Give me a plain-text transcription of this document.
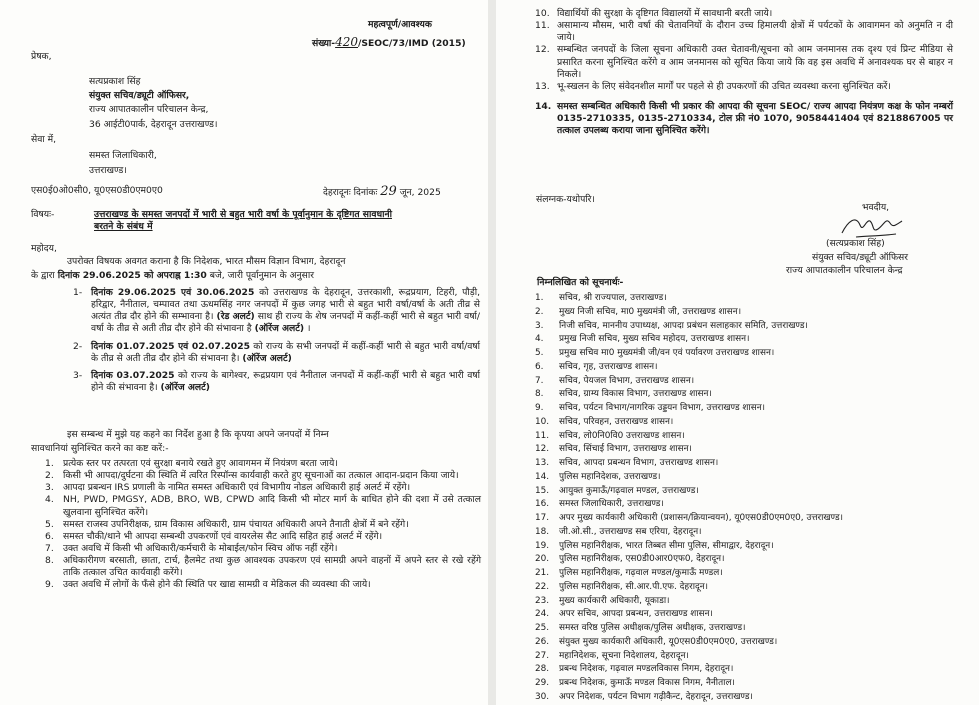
महत्वपूर्ण/आवश्यक
संख्या-420/SEOC/73/IMD (2015)
प्रेषक,
सत्यप्रकाश सिंह
संयुक्त सचिव/ड्यूटी ऑफिसर,
राज्य आपातकालीन परिचालन केन्द्र,
36 आईटी0पार्क, देहरादून उत्तराखण्ड।
सेवा में,
समस्त जिलाधिकारी,
उत्तराखण्ड।
एस0ई0ओ0सी0, यू0एस0डी0एम0ए0	देहरादूनः दिनांकः 29 जून, 2025
विषयः-	उत्तराखण्ड के समस्त जनपदों में भारी से बहुत भारी वर्षा के पूर्वानुमान के दृष्टिगत सावधानी
बरतने के संबंध में
महोदय,
उपरोक्त विषयक अवगत कराना है कि निदेशक, भारत मौसम विज्ञान विभाग, देहरादून
के द्वारा दिनांक 29.06.2025 को अपराह्न 1:30 बजे, जारी पूर्वानुमान के अनुसार
1- दिनांक 29.06.2025 एवं 30.06.2025 को उत्तराखण्ड के देहरादून, उत्तरकाशी, रूद्रप्रयाग, टिहरी, पौड़ी, हरिद्वार, नैनीताल, चम्पावत तथा ऊधमसिंह नगर जनपदों में कुछ जगह भारी से बहुत भारी वर्षा/वर्षा के अती तीव्र से अत्यंत तीव्र दौर होने की सम्भावना है। (रेड अलर्ट) साथ ही राज्य के शेष जनपदों में कहीं-कहीं भारी से बहुत भारी वर्षा/वर्षा के तीव्र से अती तीव्र दौर होने की संभावना है (ऑरेंज अलर्ट) ।
2- दिनांक 01.07.2025 एवं 02.07.2025 को राज्य के सभी जनपदों में कहीं-कहीं भारी से बहुत भारी वर्षा/वर्षा के तीव्र से अती तीव्र दौर होने की संभावना है। (ऑरेंज अलर्ट)
3- दिनांक 03.07.2025 को राज्य के बागेश्वर, रूद्रप्रयाग एवं नैनीताल जनपदों में कहीं-कहीं भारी से बहुत भारी वर्षा होने की संभावना है। (ऑरेंज अलर्ट)
इस सम्बन्ध में मुझे यह कहने का निर्देश हुआ है कि कृपया अपने जनपदों में निम्न
सावधानियां सुनिश्चित करने का कष्ट करें:-
1. प्रत्येक स्तर पर तत्परता एवं सुरक्षा बनाये रखते हुए आवागमन में नियंत्रण बरता जाये।
2. किसी भी आपदा/दुर्घटना की स्थिति में त्वरित रिस्पॉन्स कार्यवाही करते हुए सूचनाओं का तत्काल आदान-प्रदान किया जाये।
3. आपदा प्रबन्धन IRS प्रणाली के नामित समस्त अधिकारी एवं विभागीय नोडल अधिकारी हाई अलर्ट में रहेंगे।
4. NH, PWD, PMGSY, ADB, BRO, WB, CPWD आदि किसी भी मोटर मार्ग के बाधित होने की दशा में उसे तत्काल खुलवाना सुनिश्चित करेंगे।
5. समस्त राजस्व उपनिरीक्षक, ग्राम विकास अधिकारी, ग्राम पंचायत अधिकारी अपने तैनाती क्षेत्रों में बने रहेंगे।
6. समस्त चौकी/थाने भी आपदा सम्बन्धी उपकरणों एवं वायरलेस सैट आदि सहित हाई अलर्ट में रहेंगे।
7. उक्त अवधि में किसी भी अधिकारी/कर्मचारी के मोबाईल/फोन स्विच ऑफ नहीं रहेंगे।
8. अधिकारीगण बरसाती, छाता, टार्च, हैलमेट तथा कुछ आवश्यक उपकरण एवं सामग्री अपने वाहनों में अपने स्तर से रखे रहेंगे ताकि तत्काल उचित कार्यवाही करेंगे।
9. उक्त अवधि में लोगों के फँसे होने की स्थिति पर खाद्य सामग्री व मेडिकल की व्यवस्था की जाये।
10. विद्यार्थियों की सुरक्षा के दृष्टिगत विद्यालयों में सावधानी बरती जाये।
11. असामान्य मौसम, भारी वर्षा की चेतावनियों के दौरान उच्च हिमालयी क्षेत्रों में पर्यटकों के आवागमन को अनुमति न दी जाये।
12. सम्बन्धित जनपदों के जिला सूचना अधिकारी उक्त चेतावनी/सूचना को आम जनमानस तक दृश्य एवं प्रिन्ट मीडिया से प्रसारित करना सुनिश्चित करेंगे व आम जनमानस को सूचित किया जाये कि वह इस अवधि में अनावश्यक घर से बाहर न निकले।
13. भू-स्खलन के लिए संवेदनशील मार्गों पर पहले से ही उपकरणों की उचित व्यवस्था करना सुनिश्चित करें।
14. समस्त सम्बन्धित अधिकारी किसी भी प्रकार की आपदा की सूचना SEOC/ राज्य आपदा नियंत्रण कक्ष के फोन नम्बरों 0135-2710335, 0135-2710334, टोल फ्री नं0 1070, 9058441404 एवं 8218867005 पर तत्काल उपलब्ध कराया जाना सुनिश्चित करेंगे।
संलग्नक-यथोपरि।
भवदीय,
(सत्यप्रकाश सिंह)
संयुक्त सचिव/ड्यूटी ऑफिसर
राज्य आपातकालीन परिचालन केन्द्र
निम्नलिखित को सूचनार्थः-
1. सचिव, श्री राज्यपाल, उत्तराखण्ड।
2. मुख्य निजी सचिव, मा0 मुख्यमंत्री जी, उत्तराखण्ड शासन।
3. निजी सचिव, माननीय उपाध्यक्ष, आपदा प्रबंधन सलाहकार समिति, उत्तराखण्ड।
4. प्रमुख निजी सचिव, मुख्य सचिव महोदय, उत्तराखण्ड शासन।
5. प्रमुख सचिव मा0 मुख्यमंत्री जी/वन एवं पर्यावरण उत्तराखण्ड शासन।
6. सचिव, गृह, उत्तराखण्ड शासन।
7. सचिव, पेयजल विभाग, उत्तराखण्ड शासन।
8. सचिव, ग्राम्य विकास विभाग, उत्तराखण्ड शासन।
9. सचिव, पर्यटन विभाग/नागरिक उड्डयन विभाग, उत्तराखण्ड शासन।
10. सचिव, परिवहन, उत्तराखण्ड शासन।
11. सचिव, लो0नि0वि0 उत्तराखण्ड शासन।
12. सचिव, सिंचाई विभाग, उत्तराखण्ड शासन।
13. सचिव, आपदा प्रबन्धन विभाग, उत्तराखण्ड शासन।
14. पुलिस महानिदेशक, उत्तराखण्ड।
15. आयुक्त कुमाऊँ/गढ़वाल मण्डल, उत्तराखण्ड।
16. समस्त जिलाधिकारी, उत्तराखण्ड।
17. अपर मुख्य कार्यकारी अधिकारी (प्रशासन/क्रियान्वयन), यू0एस0डी0एम0ए0, उत्तराखण्ड।
18. जी.ओ.सी., उत्तराखण्ड सब एरिया, देहरादून।
19. पुलिस महानिरीक्षक, भारत तिब्बत सीमा पुलिस, सीमाद्वार, देहरादून।
20. पुलिस महानिरीक्षक, एस0डी0आर0एफ0, देहरादून।
21. पुलिस महानिरीक्षक, गढ़वाल मण्डल/कुमाऊँ मण्डल।
22. पुलिस महानिरीक्षक, सी.आर.पी.एफ. देहरादून।
23. मुख्य कार्यकारी अधिकारी, यूकाडा।
24. अपर सचिव, आपदा प्रबन्धन, उत्तराखण्ड शासन।
25. समस्त वरिष्ठ पुलिस अधीक्षक/पुलिस अधीक्षक, उत्तराखण्ड।
26. संयुक्त मुख्य कार्यकारी अधिकारी, यू0एस0डी0एम0ए0, उत्तराखण्ड।
27. महानिदेशक, सूचना निदेशालय, देहरादून।
28. प्रबन्ध निदेशक, गढ़वाल मण्डलविकास निगम, देहरादून।
29. प्रबन्ध निदेशक, कुमाऊँ मण्डल विकास निगम, नैनीताल।
30. अपर निदेशक, पर्यटन विभाग गढ़ीकैन्ट, देहरादून, उत्तराखण्ड।
